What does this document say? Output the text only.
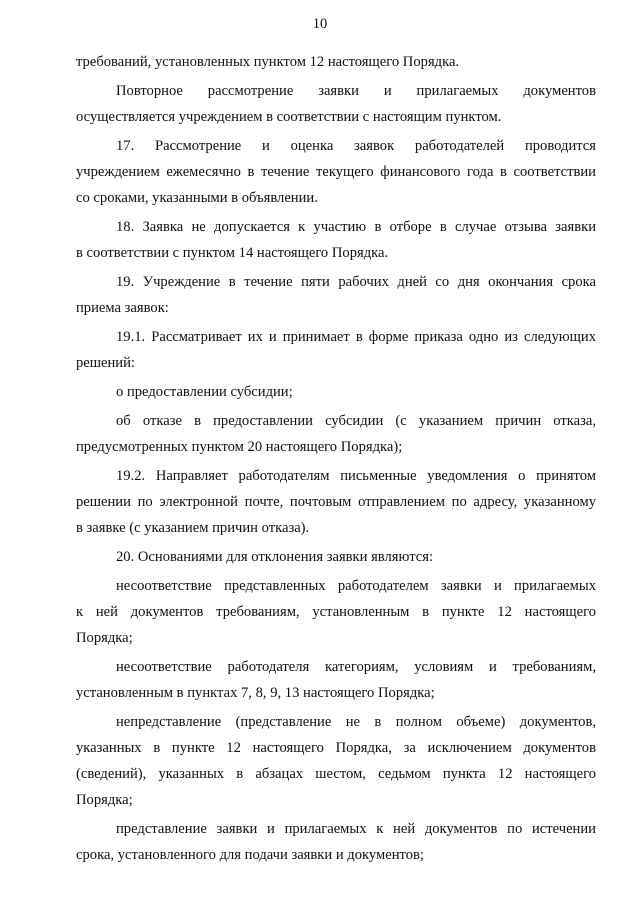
10
требований, установленных пунктом 12 настоящего Порядка.
Повторное рассмотрение заявки и прилагаемых документов
осуществляется учреждением в соответствии с настоящим пунктом.
17. Рассмотрение и оценка заявок работодателей проводится
учреждением ежемесячно в течение текущего финансового года в соответствии
со сроками, указанными в объявлении.
18. Заявка не допускается к участию в отборе в случае отзыва заявки
в соответствии с пунктом 14 настоящего Порядка.
19. Учреждение в течение пяти рабочих дней со дня окончания срока
приема заявок:
19.1. Рассматривает их и принимает в форме приказа одно из следующих
решений:
о предоставлении субсидии;
об отказе в предоставлении субсидии (с указанием причин отказа,
предусмотренных пунктом 20 настоящего Порядка);
19.2. Направляет работодателям письменные уведомления о принятом
решении по электронной почте, почтовым отправлением по адресу, указанному
в заявке (с указанием причин отказа).
20. Основаниями для отклонения заявки являются:
несоответствие представленных работодателем заявки и прилагаемых
к ней документов требованиям, установленным в пункте 12 настоящего
Порядка;
несоответствие работодателя категориям, условиям и требованиям,
установленным в пунктах 7, 8, 9, 13 настоящего Порядка;
непредставление (представление не в полном объеме) документов,
указанных в пункте 12 настоящего Порядка, за исключением документов
(сведений), указанных в абзацах шестом, седьмом пункта 12 настоящего
Порядка;
представление заявки и прилагаемых к ней документов по истечении
срока, установленного для подачи заявки и документов;
